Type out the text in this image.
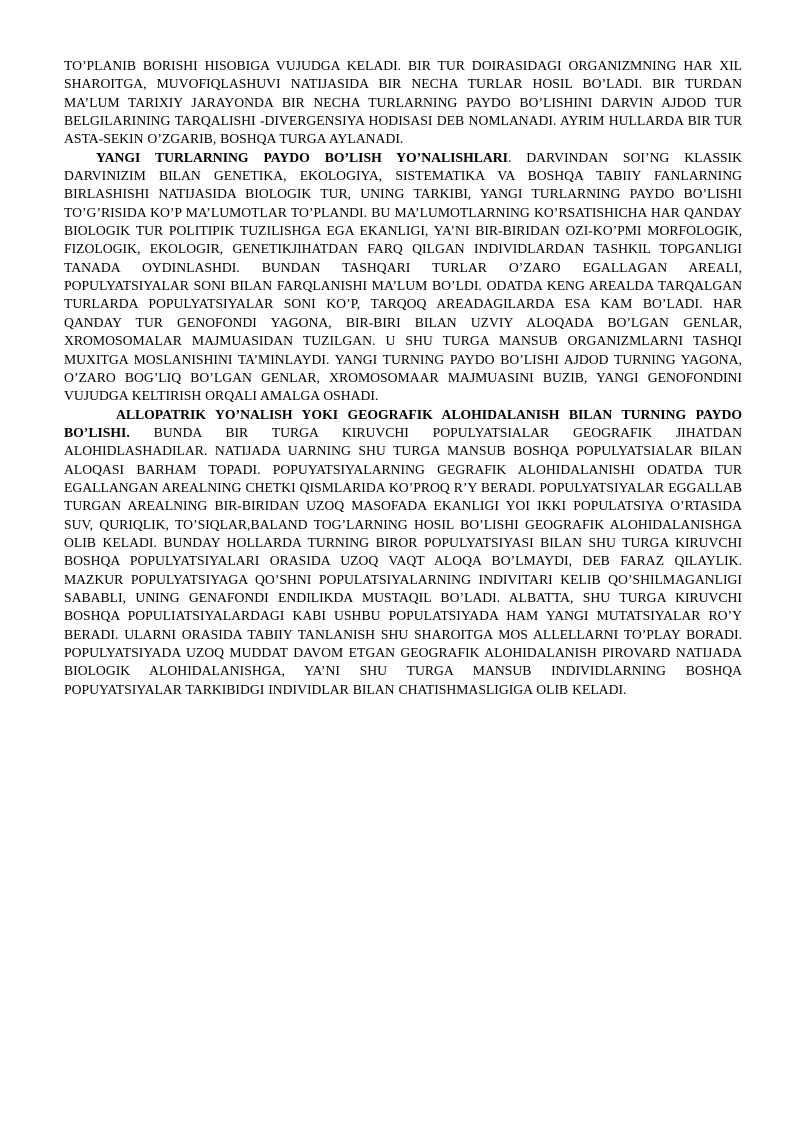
TO’PLANIB BORISHI HISOBIGA VUJUDGA KELADI. BIR TUR DOIRASIDAGI ORGANIZMNING HAR XIL SHAROITGA, MUVOFIQLASHUVI NATIJASIDA BIR NECHA TURLAR HOSIL BO’LADI. BIR TURDAN MA’LUM TARIXIY JARAYONDA BIR NECHA TURLARNING PAYDO BO’LISHINI DARVIN AJDOD TUR BELGILARINING TARQALISHI -DIVERGENSIYA HODISASI DEB NOMLANADI. AYRIM HULLARDA BIR TUR ASTA-SEKIN O’ZGARIB, BOSHQA TURGA AYLANADI.

YANGI TURLARNING PAYDO BO’LISH YO’NALISHLARI. DARVINDAN SOI’NG KLASSIK DARVINIZIM BILAN GENETIKA, EKOLOGIYA, SISTEMATIKA VA BOSHQA TABIIY FANLARNING BIRLASHISHI NATIJASIDA BIOLOGIK TUR, UNING TARKIBI, YANGI TURLARNING PAYDO BO’LISHI TO’G’RISIDA KO’P MA’LUMOTLAR TO’PLANDI. BU MA’LUMOTLARNING KO’RSATISHICHA HAR QANDAY BIOLOGIK TUR POLITIPIK TUZILISHGA EGA EKANLIGI, YA’NI BIR-BIRIDAN OZI-KO’PMI MORFOLOGIK, FIZOLOGIK, EKOLOGIR, GENETIKJIHATDAN FARQ QILGAN INDIVIDLARDAN TASHKIL TOPGANLIGI TANADA OYDINLASHDI. BUNDAN TASHQARI TURLAR O’ZARO EGALLAGAN AREALI, POPULYATSIYALAR SONI BILAN FARQLANISHI MA’LUM BO’LDI. ODATDA KENG AREALDA TARQALGAN TURLARDA POPULYATSIYALAR SONI KO’P, TARQOQ AREADAGILARDA ESA KAM BO’LADI. HAR QANDAY TUR GENOFONDI YAGONA, BIR-BIRI BILAN UZVIY ALOQADA BO’LGAN GENLAR, XROMOSOMALAR MAJMUASIDAN TUZILGAN. U SHU TURGA MANSUB ORGANIZMLARNI TASHQI MUXITGA MOSLANISHINI TA’MINLAYDI. YANGI TURNING PAYDO BO’LISHI AJDOD TURNING YAGONA, O’ZARO BOG’LIQ BO’LGAN GENLAR, XROMOSOMAAR MAJMUASINI BUZIB, YANGI GENOFONDINI VUJUDGA KELTIRISH ORQALI AMALGA OSHADI.

ALLOPATRIK YO’NALISH YOKI GEOGRAFIK ALOHIDALANISH BILAN TURNING PAYDO BO’LISHI. BUNDA BIR TURGA KIRUVCHI POPULYATSIALAR GEOGRAFIK JIHATDAN ALOHIDLASHADILAR. NATIJADA UARNING SHU TURGA MANSUB BOSHQA POPULYATSIALAR BILAN ALOQASI BARHAM TOPADI. POPUYATSIYALARNING GEGRAFIK ALOHIDALANISHI ODATDA TUR EGALLANGAN AREALNING CHETKI QISMLARIDA KO’PROQ R’Y BERADI. POPULYATSIYALAR EGGALLAB TURGAN AREALNING BIR-BIRIDAN UZOQ MASOFADA EKANLIGI YOI IKKI POPULATSIYA O’RTASIDA SUV, QURIQLIK, TO’SIQLAR,BALAND TOG’LARNING HOSIL BO’LISHI GEOGRAFIK ALOHIDALANISHGA OLIB KELADI. BUNDAY HOLLARDA TURNING BIROR POPULYATSIYASI BILAN SHU TURGA KIRUVCHI BOSHQA POPULYATSIYALARI ORASIDA UZOQ VAQT ALOQA BO’LMAYDI, DEB FARAZ QILAYLIK. MAZKUR POPULYATSIYAGA QO’SHNI POPULATSIYALARNING INDIVITARI KELIB QO’SHILMAGANLIGI SABABLI, UNING GENAFONDI ENDILIKDA MUSTAQIL BO’LADI. ALBATTA, SHU TURGA KIRUVCHI BOSHQA POPULIATSIYALARDAGI KABI USHBU POPULATSIYADA HAM YANGI MUTATSIYALAR RO’Y BERADI. ULARNI ORASIDA TABIIY TANLANISH SHU SHAROITGA MOS ALLELLARNI TO’PLAY BORADI. POPULYATSIYADA UZOQ MUDDAT DAVOM ETGAN GEOGRAFIK ALOHIDALANISH PIROVARD NATIJADA BIOLOGIK ALOHIDALANISHGA, YA’NI SHU TURGA MANSUB INDIVIDLARNING BOSHQA POPUYATSIYALAR TARKIBIDGI INDIVIDLAR BILAN CHATISHMASLIGIGA OLIB KELADI.
